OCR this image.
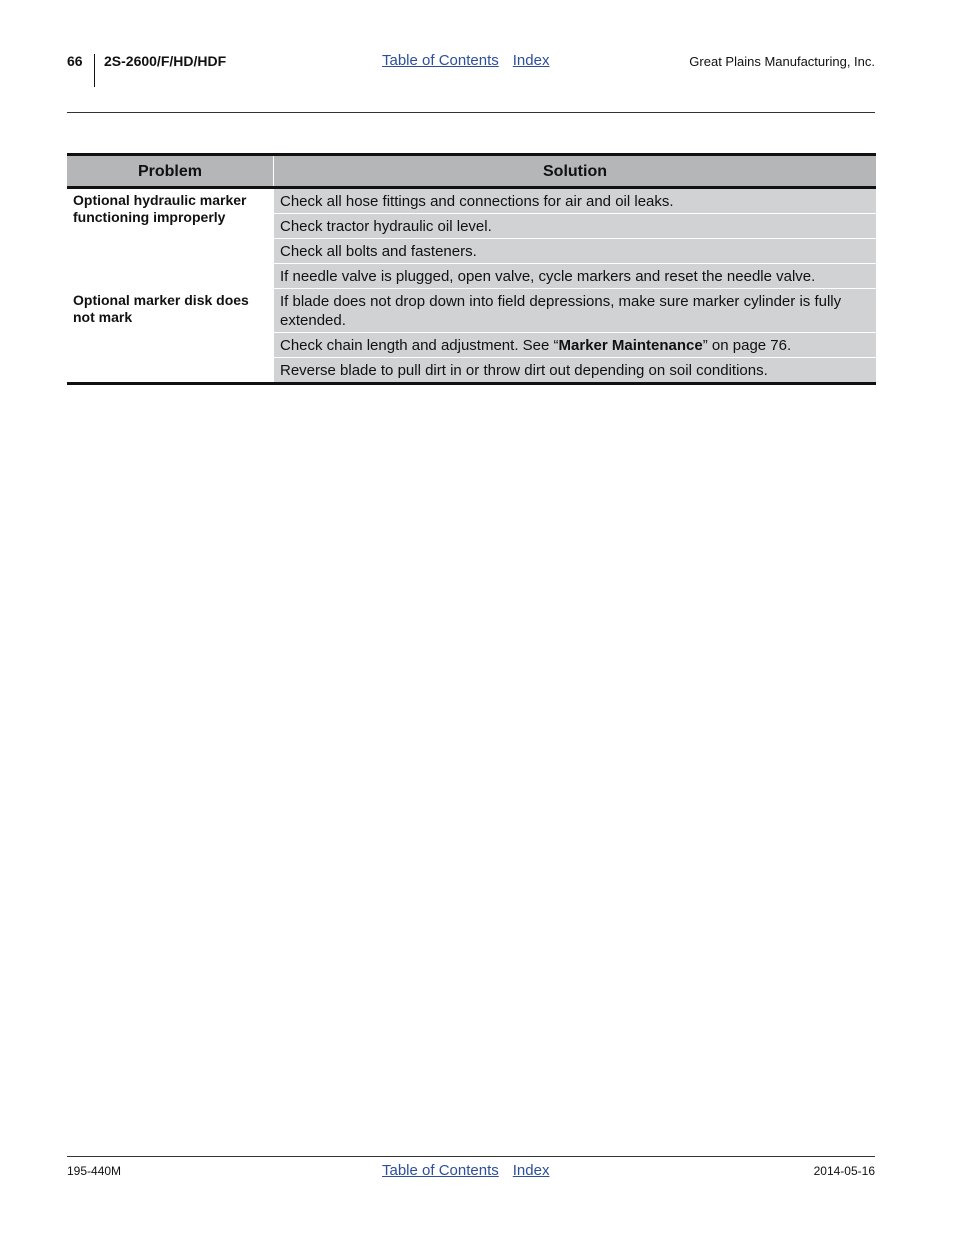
66 2S-2600/F/HD/HDF	Table of Contents Index	Great Plains Manufacturing, Inc.
Problem	Solution
Optional hydraulic marker functioning improperly	Check all hose fittings and connections for air and oil leaks.
	Check tractor hydraulic oil level.
	Check all bolts and fasteners.
	If needle valve is plugged, open valve, cycle markers and reset the needle valve.
Optional marker disk does not mark	If blade does not drop down into field depressions, make sure marker cylinder is fully extended.
	Check chain length and adjustment. See “Marker Maintenance” on page 76.
	Reverse blade to pull dirt in or throw dirt out depending on soil conditions.
195-440M	Table of Contents Index	2014-05-16
